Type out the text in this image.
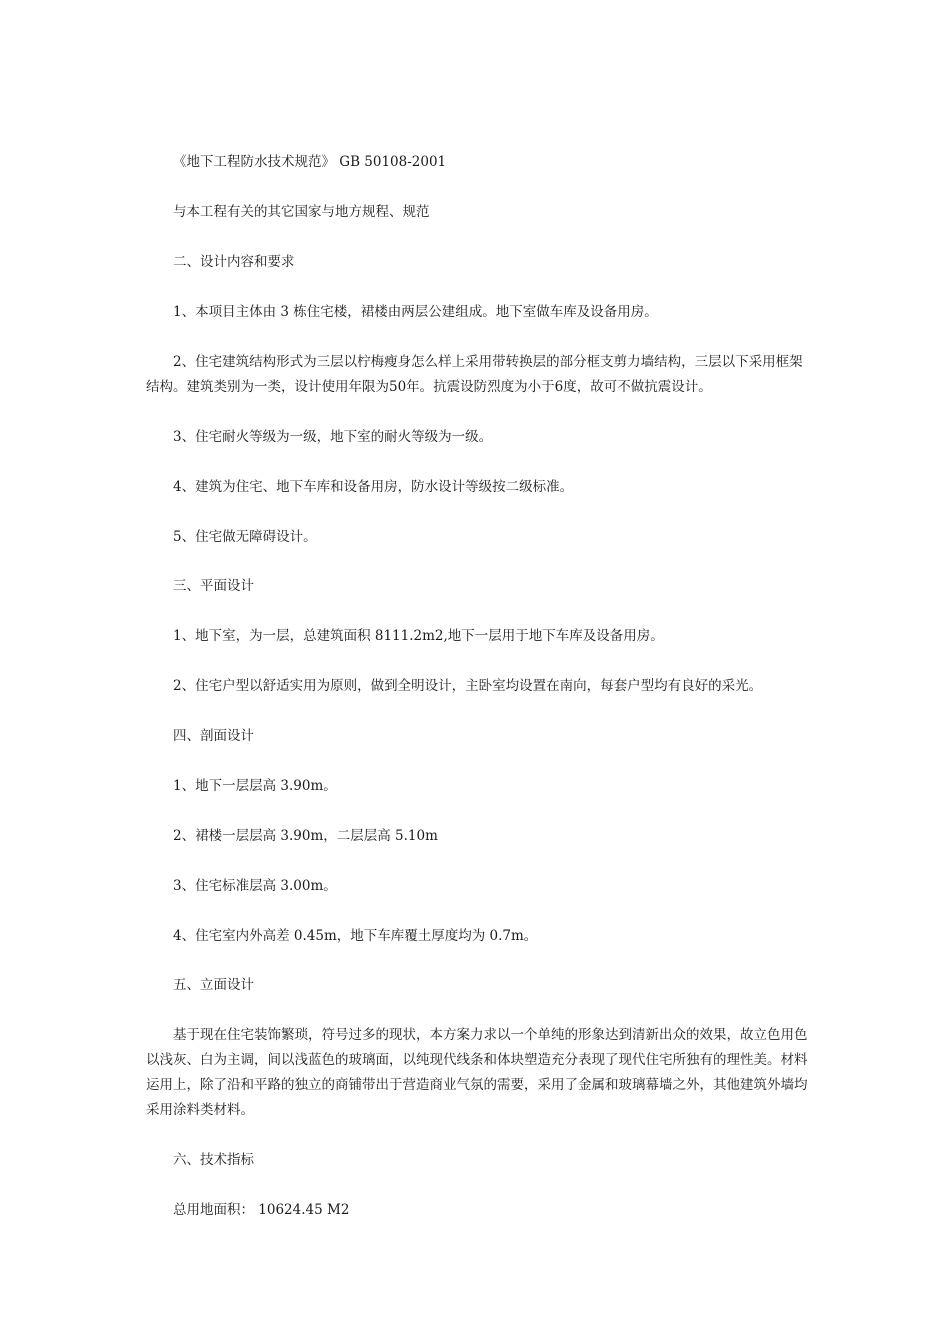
《地下工程防水技术规范》 GB 50108-2001

与本工程有关的其它国家与地方规程、规范

二、设计内容和要求

1、本项目主体由 3 栋住宅楼，裙楼由两层公建组成。地下室做车库及设备用房。

2、住宅建筑结构形式为三层以柠梅瘦身怎么样上采用带转换层的部分框支剪力墙结构，三层以下采用框架结构。建筑类别为一类，设计使用年限为50年。抗震设防烈度为小于6度，故可不做抗震设计。

3、住宅耐火等级为一级，地下室的耐火等级为一级。

4、建筑为住宅、地下车库和设备用房，防水设计等级按二级标准。

5、住宅做无障碍设计。

三、平面设计

1、地下室，为一层，总建筑面积 8111.2m2,地下一层用于地下车库及设备用房。

2、住宅户型以舒适实用为原则，做到全明设计，主卧室均设置在南向，每套户型均有良好的采光。

四、剖面设计

1、地下一层层高 3.90m。

2、裙楼一层层高 3.90m，二层层高 5.10m

3、住宅标准层高 3.00m。

4、住宅室内外高差 0.45m，地下车库覆土厚度均为 0.7m。

五、立面设计

基于现在住宅装饰繁琐，符号过多的现状，本方案力求以一个单纯的形象达到清新出众的效果，故立色用色以浅灰、白为主调，间以浅蓝色的玻璃面，以纯现代线条和体块塑造充分表现了现代住宅所独有的理性美。材料运用上，除了沿和平路的独立的商铺带出于营造商业气氛的需要，采用了金属和玻璃幕墙之外，其他建筑外墙均采用涂料类材料。

六、技术指标

总用地面积： 10624.45 M2
